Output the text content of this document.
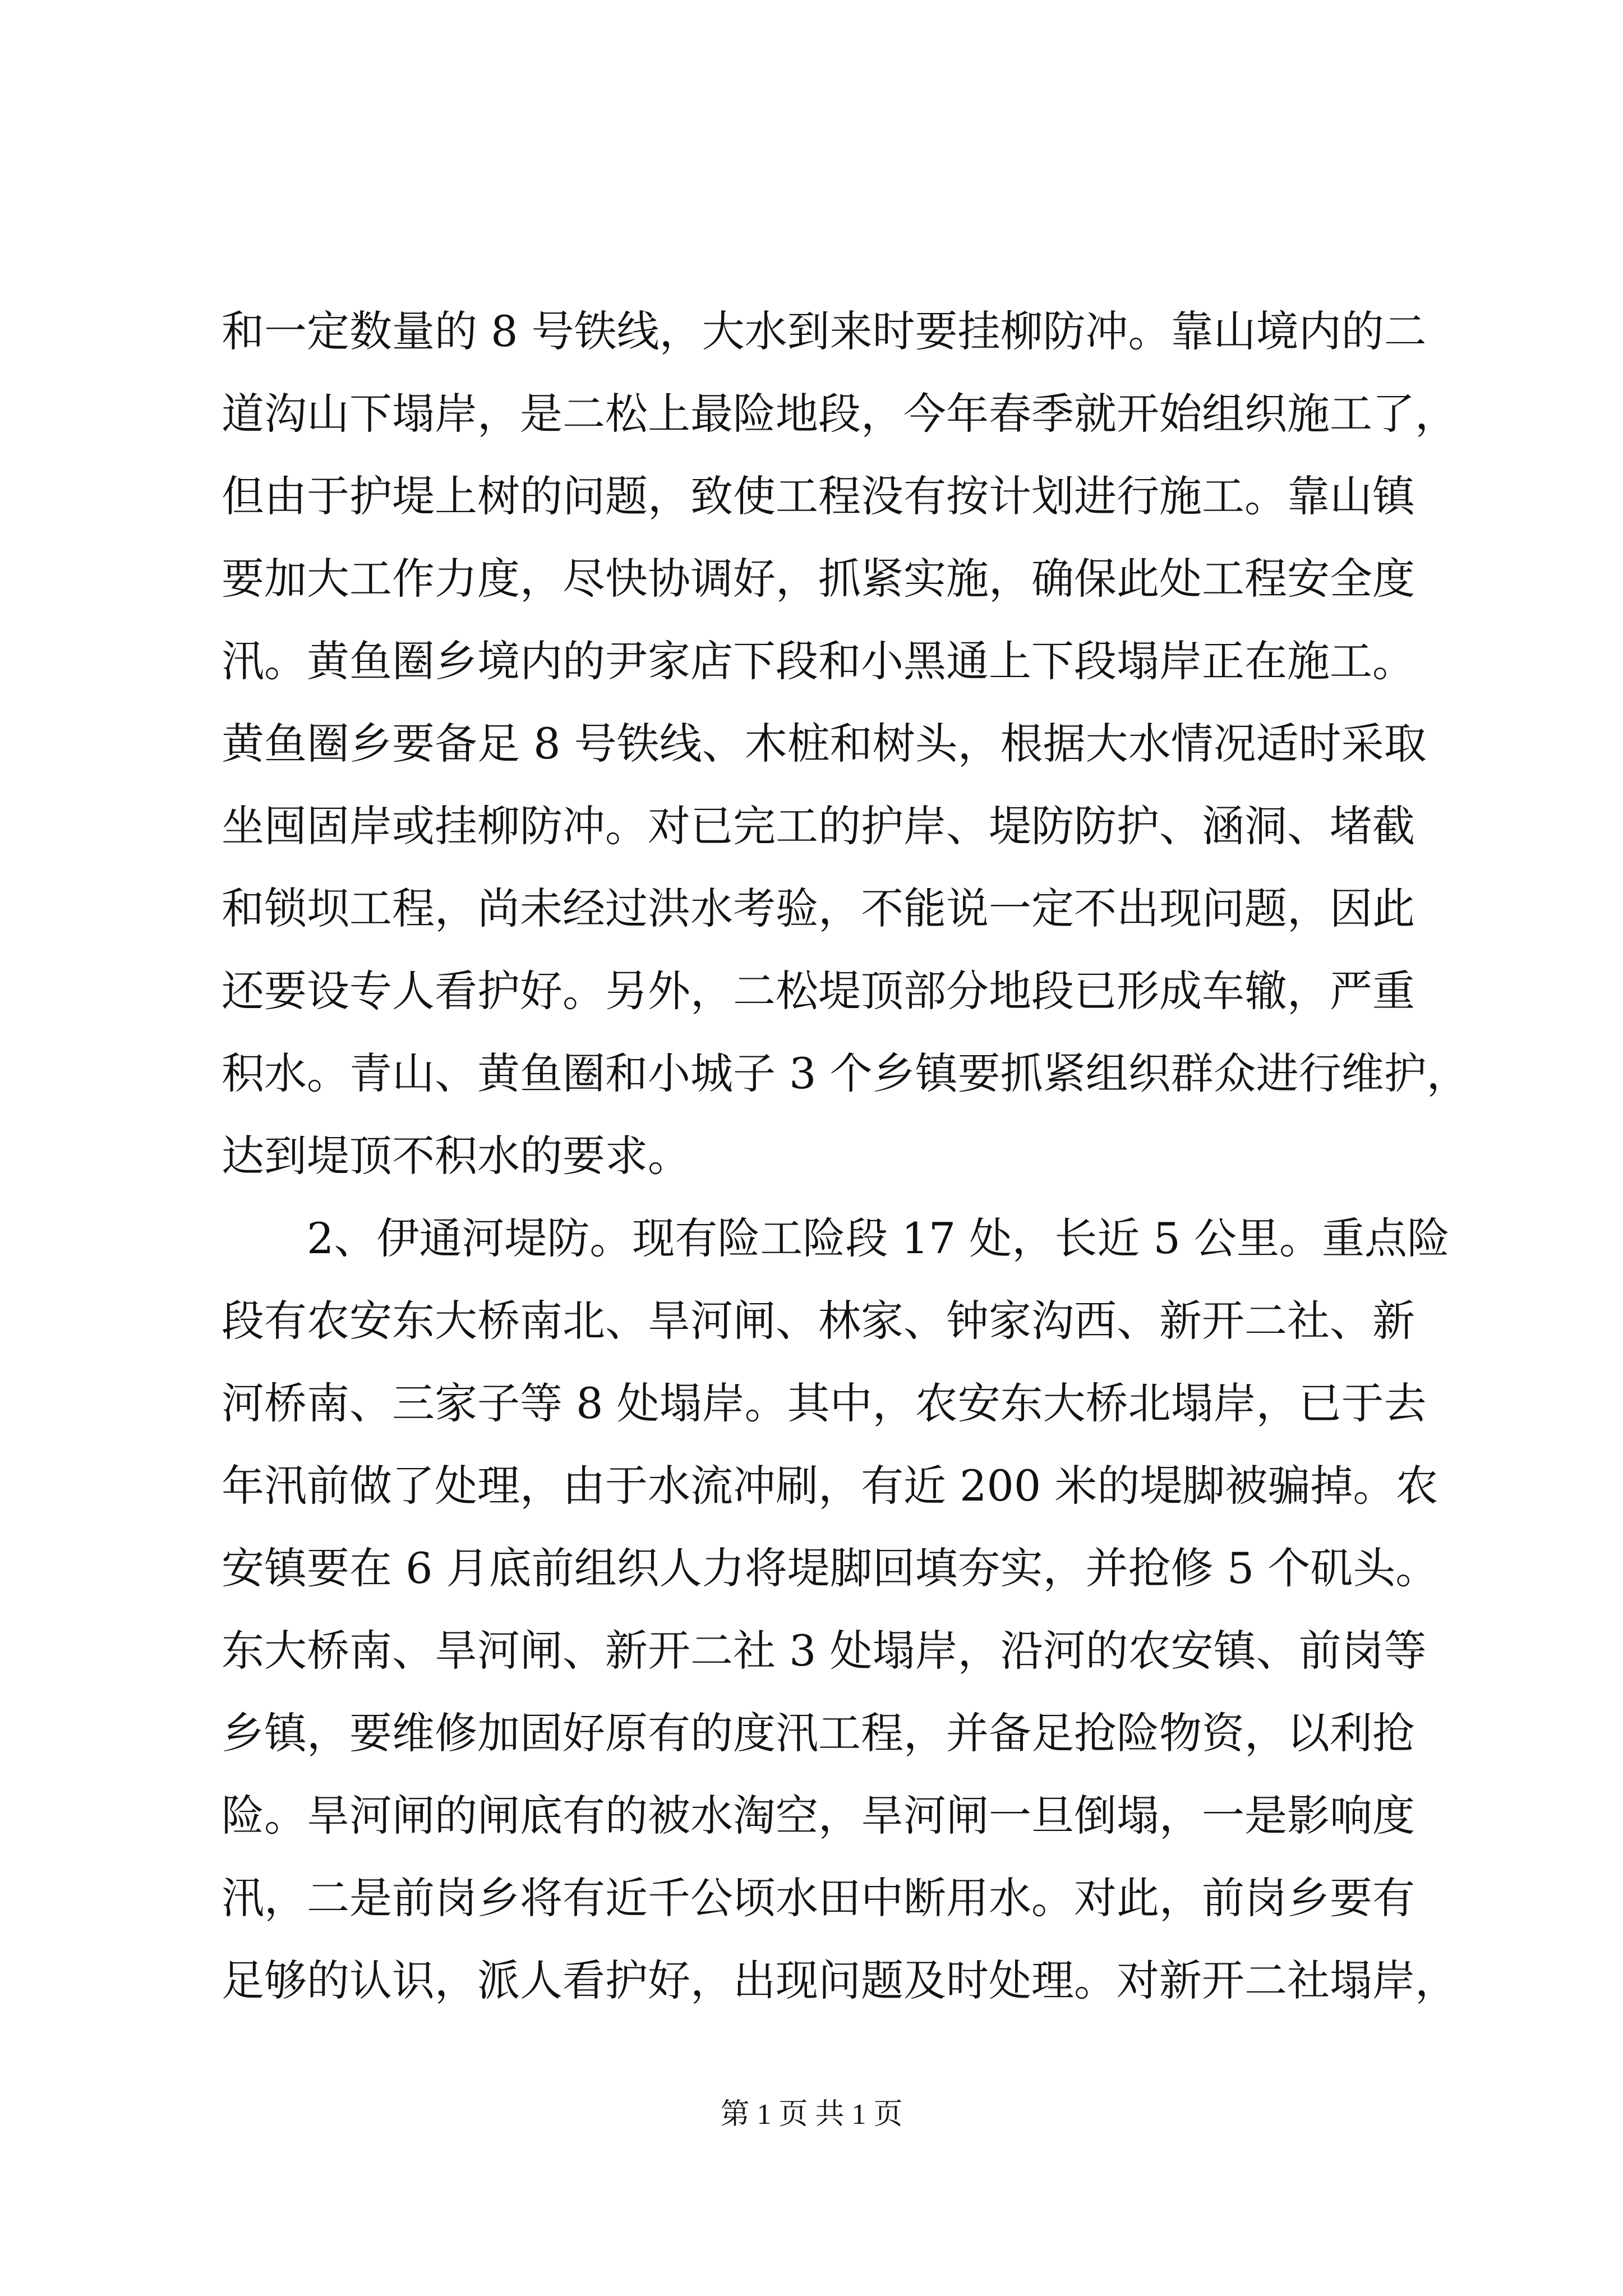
和一定数量的 8 号铁线，大水到来时要挂柳防冲。靠山境内的二
道沟山下塌岸，是二松上最险地段，今年春季就开始组织施工了，
但由于护堤上树的问题，致使工程没有按计划进行施工。靠山镇
要加大工作力度，尽快协调好，抓紧实施，确保此处工程安全度
汛。黄鱼圈乡境内的尹家店下段和小黑通上下段塌岸正在施工。
黄鱼圈乡要备足 8 号铁线、木桩和树头，根据大水情况适时采取
坐囤固岸或挂柳防冲。对已完工的护岸、堤防防护、涵洞、堵截
和锁坝工程，尚未经过洪水考验，不能说一定不出现问题，因此
还要设专人看护好。另外，二松堤顶部分地段已形成车辙，严重
积水。青山、黄鱼圈和小城子 3 个乡镇要抓紧组织群众进行维护，
达到堤顶不积水的要求。
2、伊通河堤防。现有险工险段 17 处，长近 5 公里。重点险
段有农安东大桥南北、旱河闸、林家、钟家沟西、新开二社、新
河桥南、三家子等 8 处塌岸。其中，农安东大桥北塌岸，已于去
年汛前做了处理，由于水流冲刷，有近 200 米的堤脚被骗掉。农
安镇要在 6 月底前组织人力将堤脚回填夯实，并抢修 5 个矶头。
东大桥南、旱河闸、新开二社 3 处塌岸，沿河的农安镇、前岗等
乡镇，要维修加固好原有的度汛工程，并备足抢险物资，以利抢
险。旱河闸的闸底有的被水淘空，旱河闸一旦倒塌，一是影响度
汛，二是前岗乡将有近千公顷水田中断用水。对此，前岗乡要有
足够的认识，派人看护好，出现问题及时处理。对新开二社塌岸，
第 1 页 共 1 页
